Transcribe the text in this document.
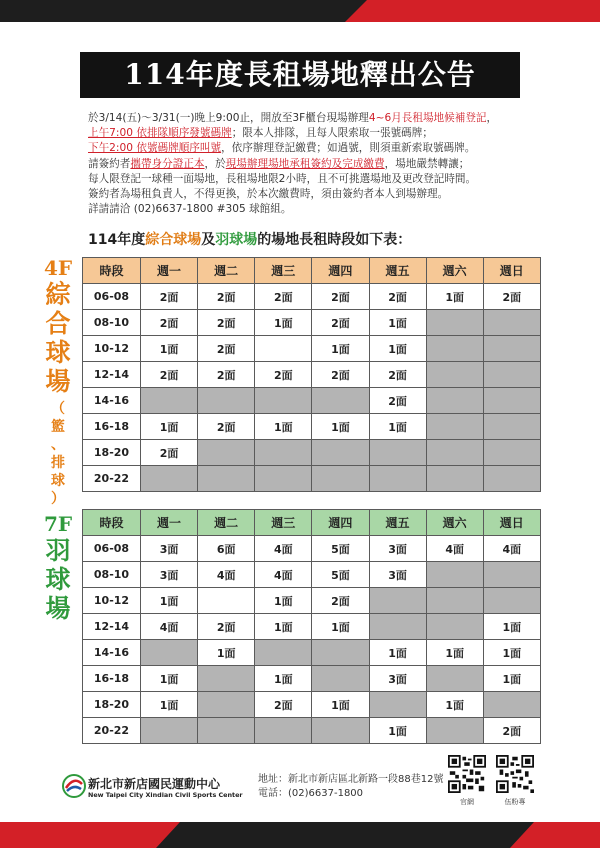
114年度長租場地釋出公告

於3/14(五)～3/31(一)晚上9:00止，開放至3F櫃台現場辦理4~6月長租場地候補登記，

上午7:00 依排隊順序發號碼牌；限本人排隊，且每人限索取一張號碼牌；

下午2:00 依號碼牌順序叫號，依序辦理登記繳費；如過號，則須重新索取號碼牌。

請簽約者攜帶身分證正本，於現場辦理場地承租簽約及完成繳費，場地嚴禁轉讓；

每人限登記一球種一面場地，長租場地限2小時，且不可挑選場地及更改登記時間。

簽約者為場租負責人，不得更換，於本次繳費時，須由簽約者本人到場辦理。

詳請請洽 (02)6637-1800 #305 球館組。

114年度綜合球場及羽球場的場地長租時段如下表：
4F
綜
合
球
場
（
籃
、
排
球
）
時段	週一	週二	週三	週四	週五	週六	週日
06-08	2面	2面	2面	2面	2面	1面	2面
08-10	2面	2面	1面	2面	1面		
10-12	1面	2面		1面	1面		
12-14	2面	2面	2面	2面	2面		
14-16					2面		
16-18	1面	2面	1面	1面	1面		
18-20	2面						
20-22							
7F
羽
球
場
時段	週一	週二	週三	週四	週五	週六	週日
06-08	3面	6面	4面	5面	3面	4面	4面
08-10	3面	4面	4面	5面	3面		
10-12	1面		1面	2面			
12-14	4面	2面	1面	1面			1面
14-16		1面			1面	1面	1面
16-18	1面		1面		3面		1面
18-20	1面		2面	1面		1面	
20-22					1面		2面
新北市新店國民運動中心
New Taipei City Xindian Civil Sports Center
地址：新北市新店區北新路一段88巷12號
電話：(02)6637-1800
官網	伍粉專
